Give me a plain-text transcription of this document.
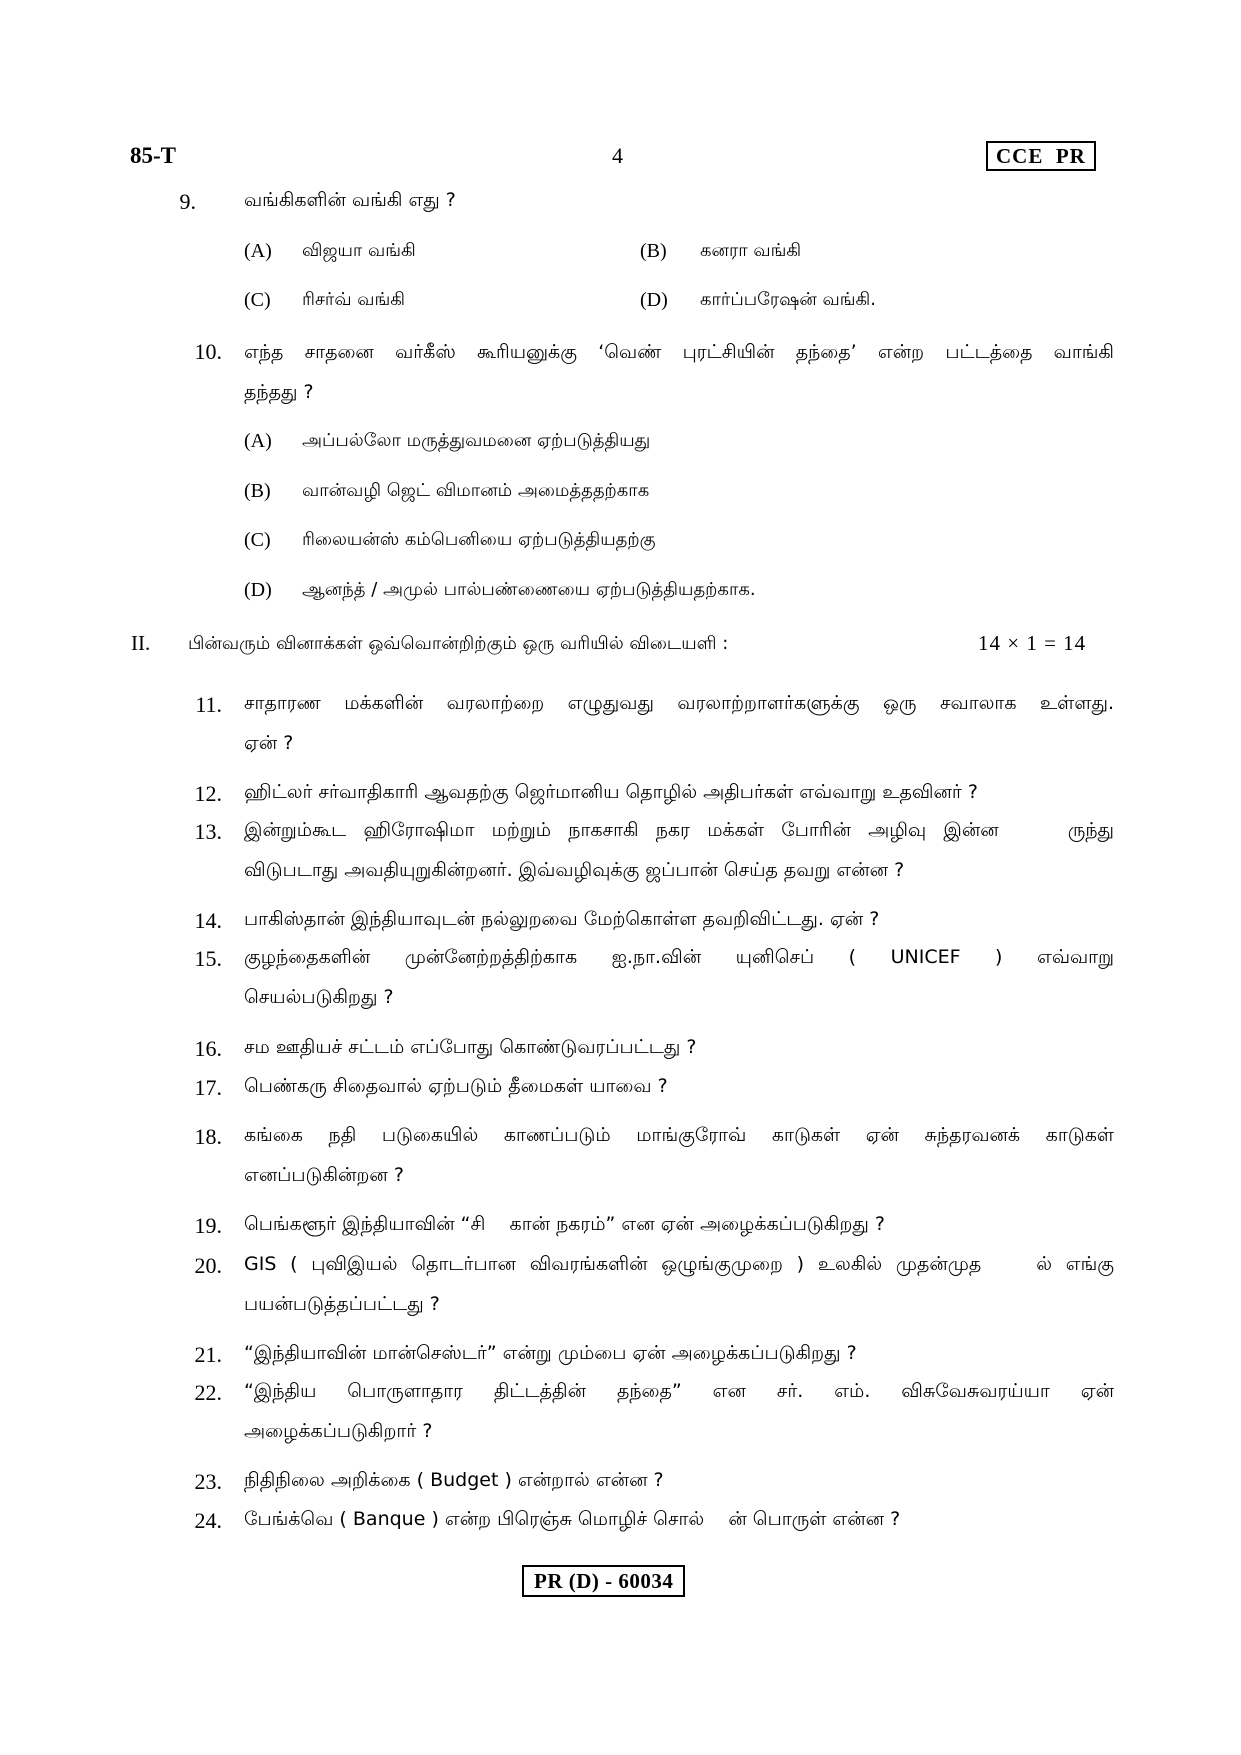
85-T	4	CCE  PR
9.	வங்கிகளின் வங்கி எது ?
(A) விஜயா வங்கி	(B) கனரா வங்கி
(C) ரிசர்வ் வங்கி	(D) கார்ப்பரேஷன் வங்கி.
10. எந்த சாதனை வர்கீஸ் கூரியனுக்கு ‘வெண் புரட்சியின் தந்தை’ என்ற பட்டத்தை வாங்கி
தந்தது ?
(A) அப்பல்லோ மருத்துவமனை ஏற்படுத்தியது
(B) வான்வழி ஜெட் விமானம் அமைத்ததற்காக
(C) ரிலையன்ஸ் கம்பெனியை ஏற்படுத்தியதற்கு
(D) ஆனந்த் / அமுல் பால்பண்ணையை ஏற்படுத்தியதற்காக.
II. பின்வரும் வினாக்கள் ஒவ்வொன்றிற்கும் ஒரு வரியில் விடையளி :	14 × 1 = 14
11. சாதாரண மக்களின் வரலாற்றை எழுதுவது வரலாற்றாளர்களுக்கு ஒரு சவாலாக உள்ளது.
ஏன் ?
12. ஹிட்லர் சர்வாதிகாரி ஆவதற்கு ஜெர்மானிய தொழில் அதிபர்கள் எவ்வாறு உதவினர் ?
13. இன்றும்கூட ஹிரோஷிமா மற்றும் நாகசாகி நகர மக்கள் போரின் அழிவு இன்ன    ருந்து
விடுபடாது அவதியுறுகின்றனர். இவ்வழிவுக்கு ஜப்பான் செய்த தவறு என்ன ?
14. பாகிஸ்தான் இந்தியாவுடன் நல்லுறவை மேற்கொள்ள தவறிவிட்டது. ஏன் ?
15. குழந்தைகளின் முன்னேற்றத்திற்காக ஐ.நா.வின் யுனிசெப் ( UNICEF ) எவ்வாறு
செயல்படுகிறது ?
16. சம ஊதியச் சட்டம் எப்போது கொண்டுவரப்பட்டது ?
17. பெண்கரு சிதைவால் ஏற்படும் தீமைகள் யாவை ?
18. கங்கை நதி படுகையில் காணப்படும் மாங்குரோவ் காடுகள் ஏன் சுந்தரவனக் காடுகள்
எனப்படுகின்றன ?
19. பெங்களூர் இந்தியாவின் “சி    கான் நகரம்” என ஏன் அழைக்கப்படுகிறது ?
20. GIS ( புவிஇயல் தொடர்பான விவரங்களின் ஒழுங்குமுறை ) உலகில் முதன்முத    ல் எங்கு
பயன்படுத்தப்பட்டது ?
21. “இந்தியாவின் மான்செஸ்டர்” என்று மும்பை ஏன் அழைக்கப்படுகிறது ?
22. “இந்திய பொருளாதார திட்டத்தின் தந்தை” என சர். எம். விசுவேசுவரய்யா ஏன்
அழைக்கப்படுகிறார் ?
23. நிதிநிலை அறிக்கை ( Budget ) என்றால் என்ன ?
24. பேங்க்வெ ( Banque ) என்ற பிரெஞ்சு மொழிச் சொல்    ன் பொருள் என்ன ?
PR (D) - 60034
